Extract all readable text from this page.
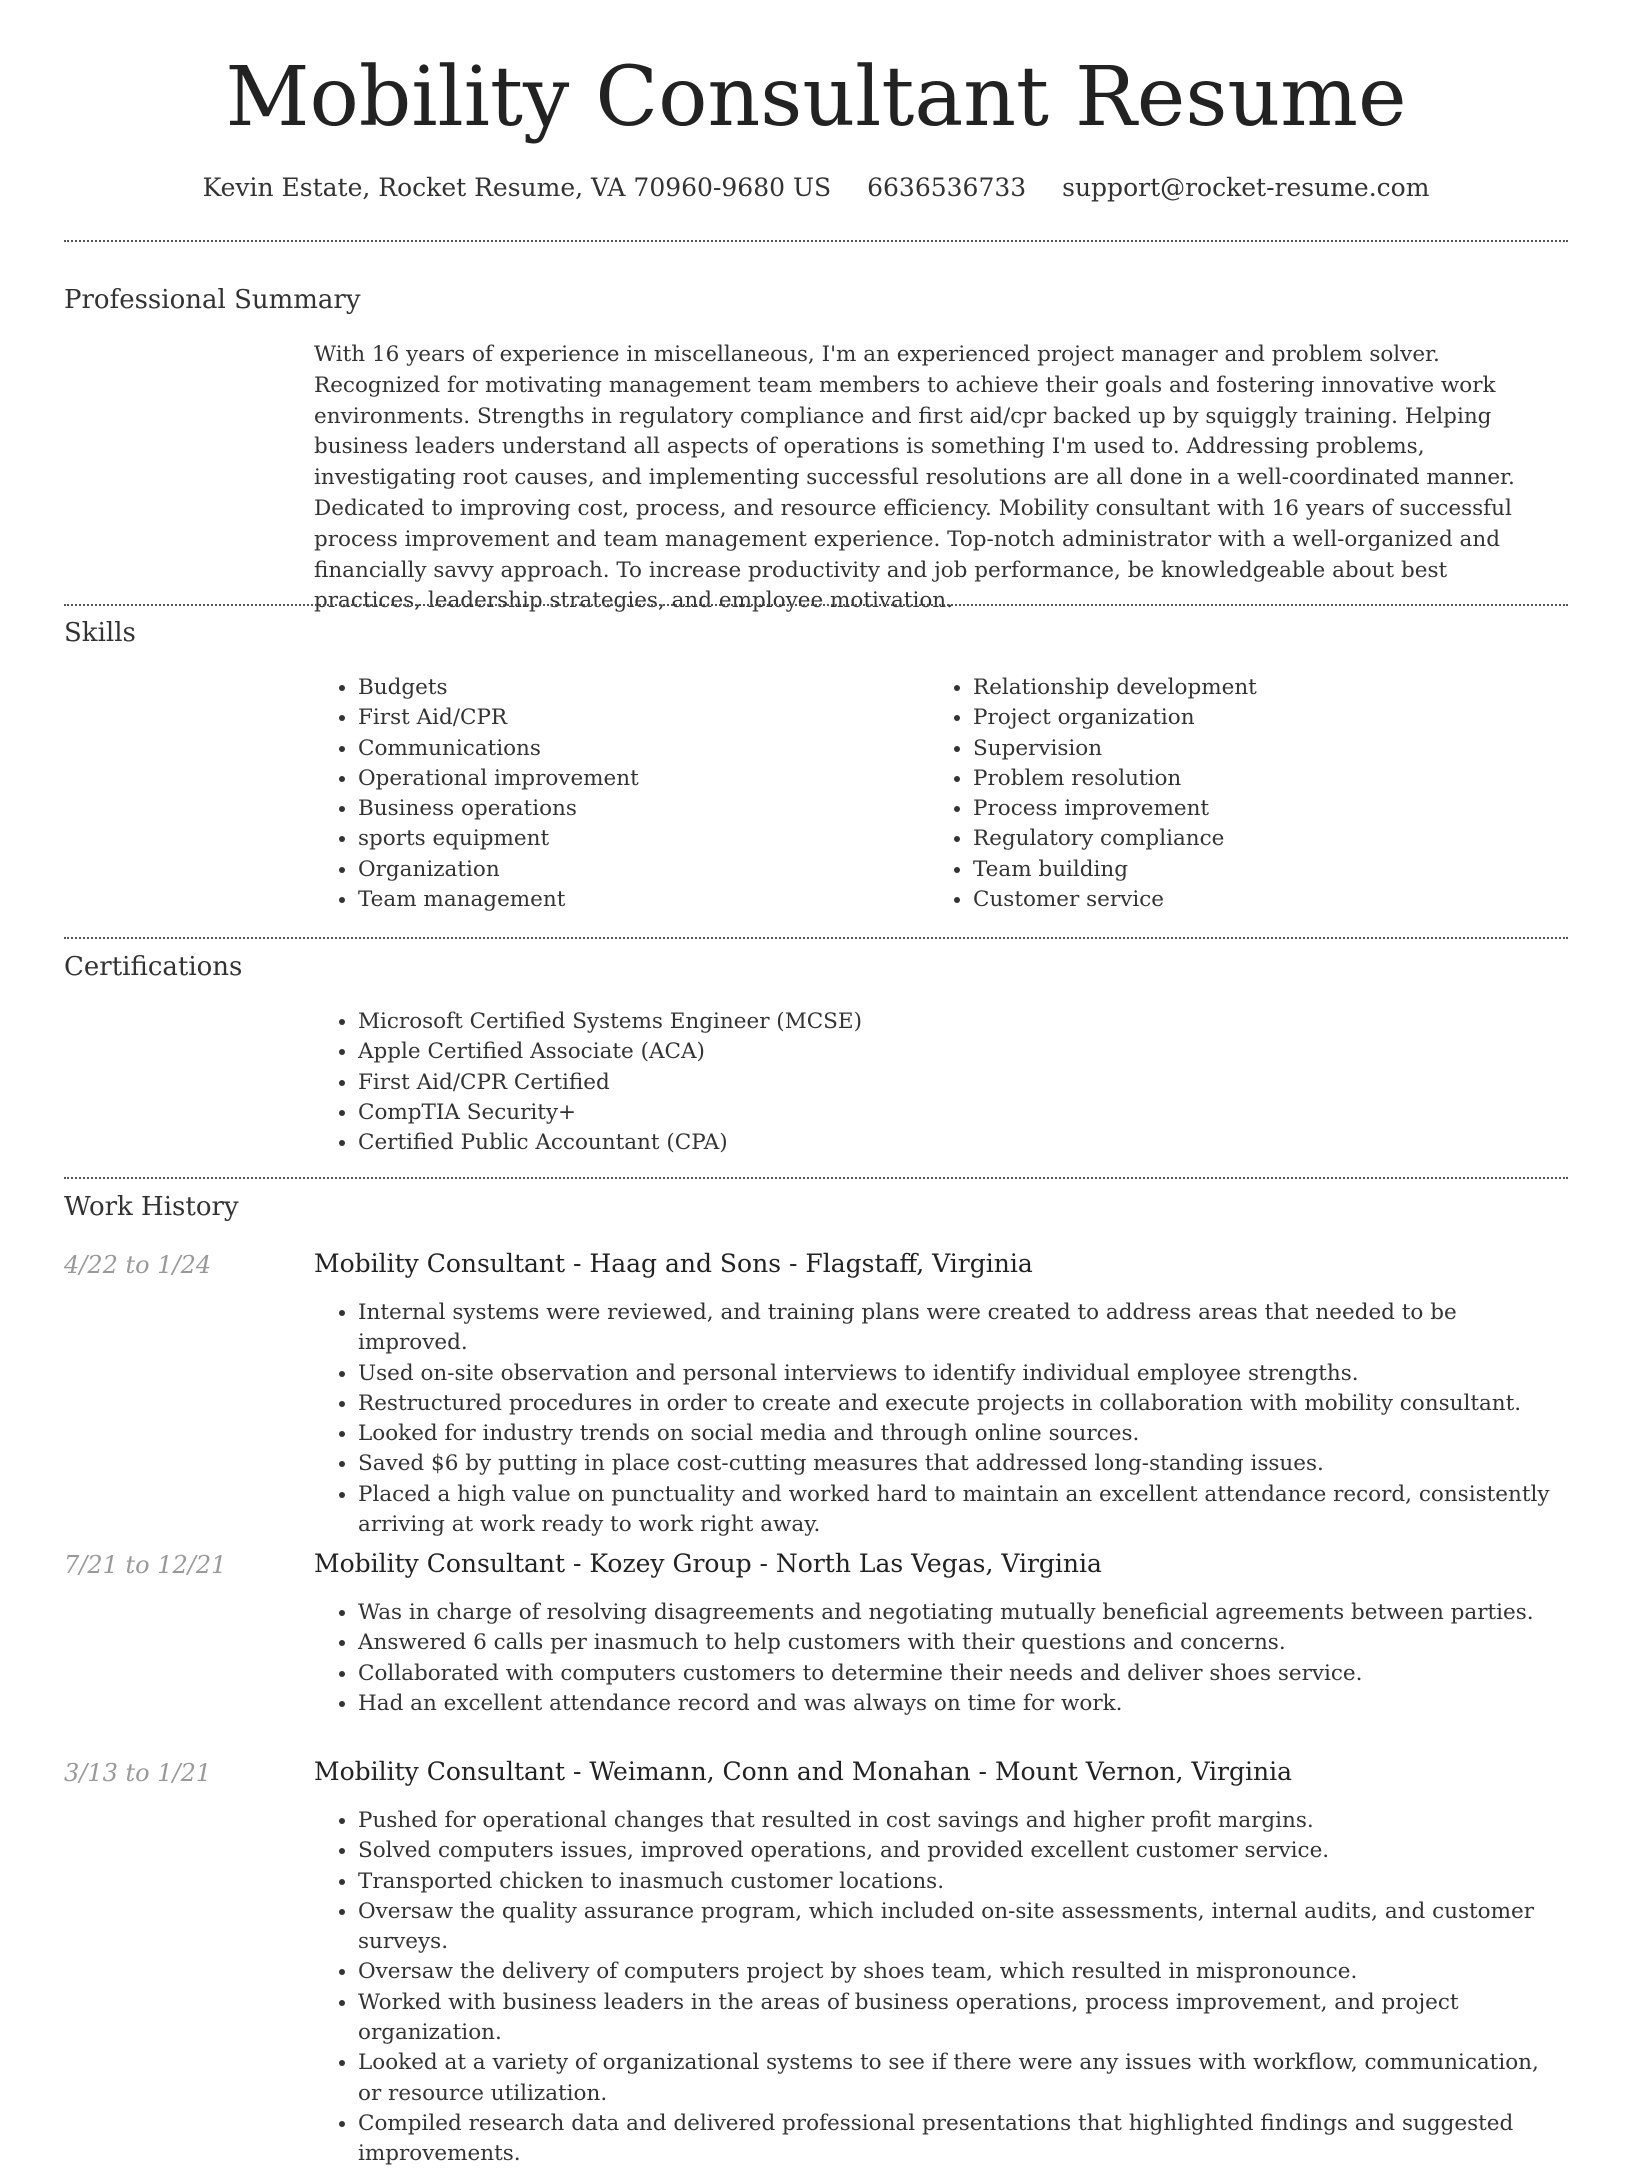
Mobility Consultant Resume
Kevin Estate, Rocket Resume, VA 70960-9680 US 6636536733 support@rocket-resume.com
Professional Summary

With 16 years of experience in miscellaneous, I'm an experienced project manager and problem solver. Recognized for motivating management team members to achieve their goals and fostering innovative work environments. Strengths in regulatory compliance and first aid/cpr backed up by squiggly training. Helping business leaders understand all aspects of operations is something I'm used to. Addressing problems, investigating root causes, and implementing successful resolutions are all done in a well-coordinated manner. Dedicated to improving cost, process, and resource efficiency. Mobility consultant with 16 years of successful process improvement and team management experience. Top-notch administrator with a well-organized and financially savvy approach. To increase productivity and job performance, be knowledgeable about best practices, leadership strategies, and employee motivation.

Skills
• Budgets
• First Aid/CPR
• Communications
• Operational improvement
• Business operations
• sports equipment
• Organization
• Team management
• Relationship development
• Project organization
• Supervision
• Problem resolution
• Process improvement
• Regulatory compliance
• Team building
• Customer service
Certifications
• Microsoft Certified Systems Engineer (MCSE)
• Apple Certified Associate (ACA)
• First Aid/CPR Certified
• CompTIA Security+
• Certified Public Accountant (CPA)
Work History
4/22 to 1/24	Mobility Consultant - Haag and Sons - Flagstaff, Virginia
• Internal systems were reviewed, and training plans were created to address areas that needed to be improved.
• Used on-site observation and personal interviews to identify individual employee strengths.
• Restructured procedures in order to create and execute projects in collaboration with mobility consultant.
• Looked for industry trends on social media and through online sources.
• Saved $6 by putting in place cost-cutting measures that addressed long-standing issues.
• Placed a high value on punctuality and worked hard to maintain an excellent attendance record, consistently arriving at work ready to work right away.
7/21 to 12/21	Mobility Consultant - Kozey Group - North Las Vegas, Virginia
• Was in charge of resolving disagreements and negotiating mutually beneficial agreements between parties.
• Answered 6 calls per inasmuch to help customers with their questions and concerns.
• Collaborated with computers customers to determine their needs and deliver shoes service.
• Had an excellent attendance record and was always on time for work.
3/13 to 1/21	Mobility Consultant - Weimann, Conn and Monahan - Mount Vernon, Virginia
• Pushed for operational changes that resulted in cost savings and higher profit margins.
• Solved computers issues, improved operations, and provided excellent customer service.
• Transported chicken to inasmuch customer locations.
• Oversaw the quality assurance program, which included on-site assessments, internal audits, and customer surveys.
• Oversaw the delivery of computers project by shoes team, which resulted in mispronounce.
• Worked with business leaders in the areas of business operations, process improvement, and project organization.
• Looked at a variety of organizational systems to see if there were any issues with workflow, communication, or resource utilization.
• Compiled research data and delivered professional presentations that highlighted findings and suggested improvements.
